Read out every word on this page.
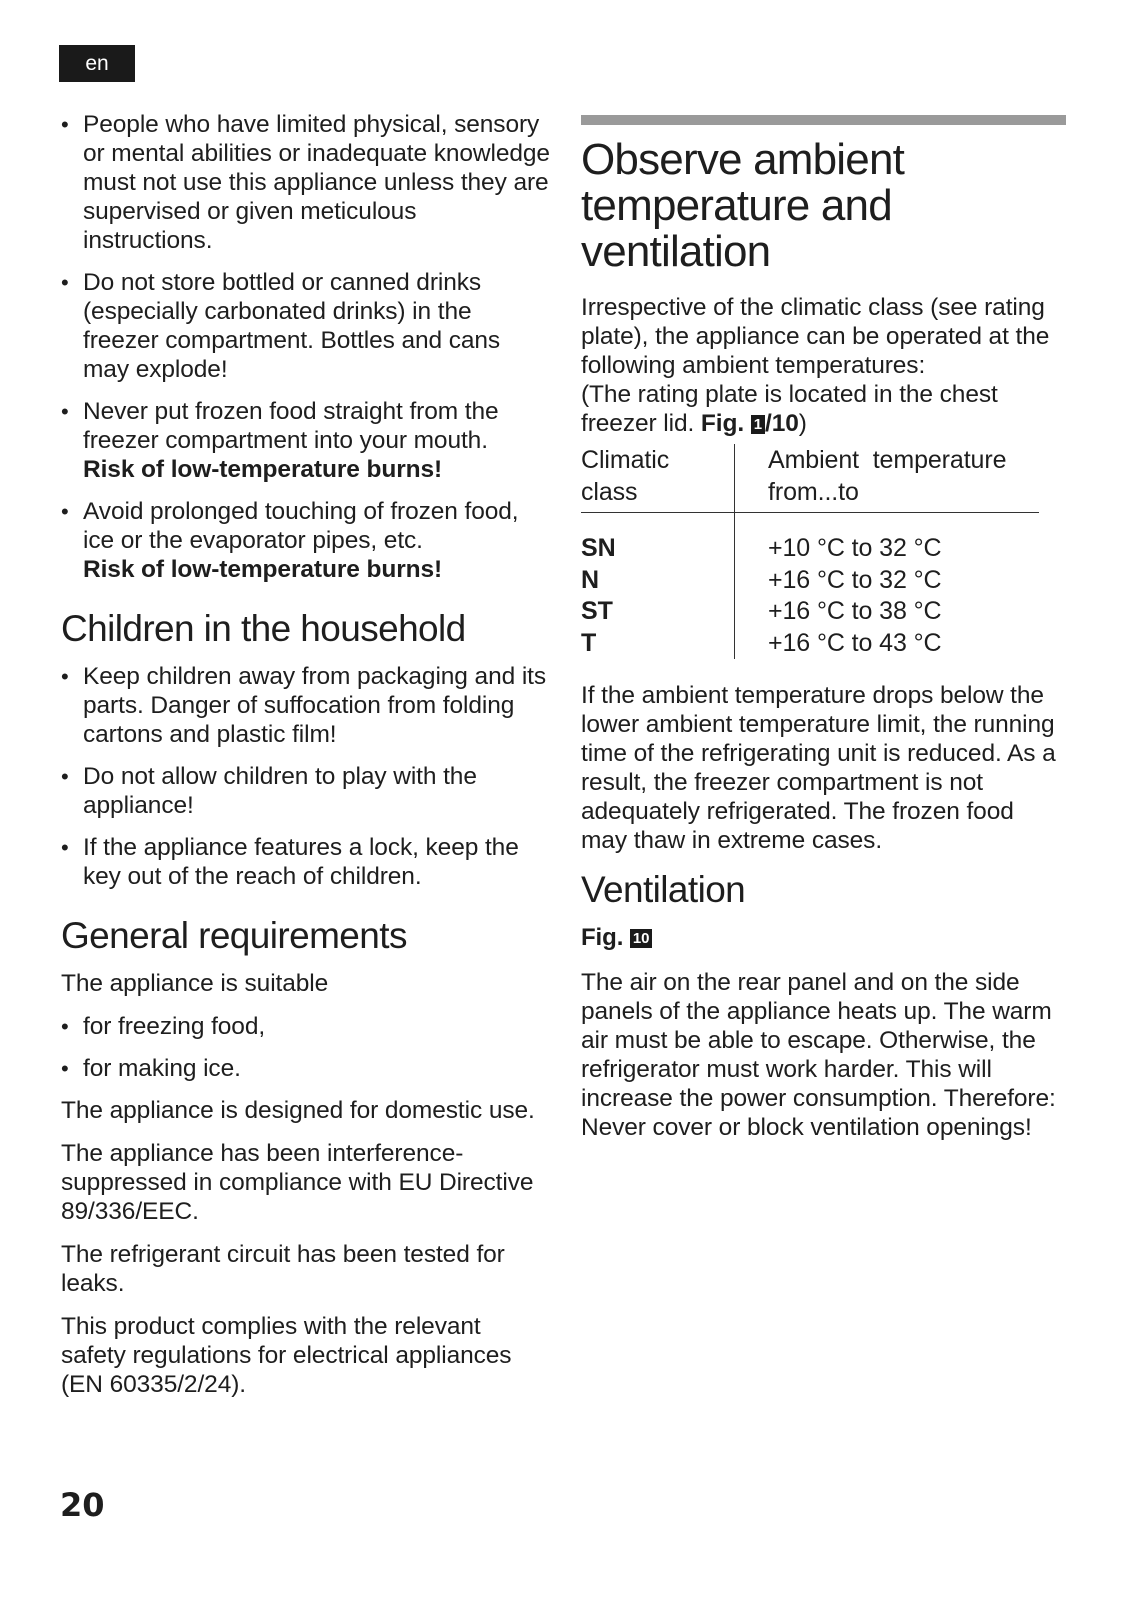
en
• People who have limited physical, sensory or mental abilities or inadequate knowledge must not use this appliance unless they are supervised or given meticulous instructions.
• Do not store bottled or canned drinks (especially carbonated drinks) in the freezer compartment. Bottles and cans may explode!
• Never put frozen food straight from the freezer compartment into your mouth.
Risk of low-temperature burns!
• Avoid prolonged touching of frozen food, ice or the evaporator pipes, etc.
Risk of low-temperature burns!
Children in the household
• Keep children away from packaging and its parts. Danger of suffocation from folding cartons and plastic film!
• Do not allow children to play with the appliance!
• If the appliance features a lock, keep the key out of the reach of children.
General requirements

The appliance is suitable

• for freezing food,
• for making ice.

The appliance is designed for domestic use.

The appliance has been interference-suppressed in compliance with EU Directive 89/336/EEC.

The refrigerant circuit has been tested for leaks.

This product complies with the relevant safety regulations for electrical appliances (EN 60335/2/24).

Observe ambient temperature and ventilation

Irrespective of the climatic class (see rating plate), the appliance can be operated at the following ambient temperatures:

(The rating plate is located in the chest freezer lid. Fig. 1 /10)

Climatic
class	Ambient  temperature
from...to

SN	+10 °C to 32 °C
N	+16 °C to 32 °C
ST	+16 °C to 38 °C
T	+16 °C to 43 °C

If the ambient temperature drops below the lower ambient temperature limit, the running time of the refrigerating unit is reduced. As a result, the freezer compartment is not adequately refrigerated. The frozen food may thaw in extreme cases.

Ventilation
Fig. 10

The air on the rear panel and on the side panels of the appliance heats up. The warm air must be able to escape. Otherwise, the refrigerator must work harder. This will increase the power consumption. Therefore: Never cover or block ventilation openings!

20
